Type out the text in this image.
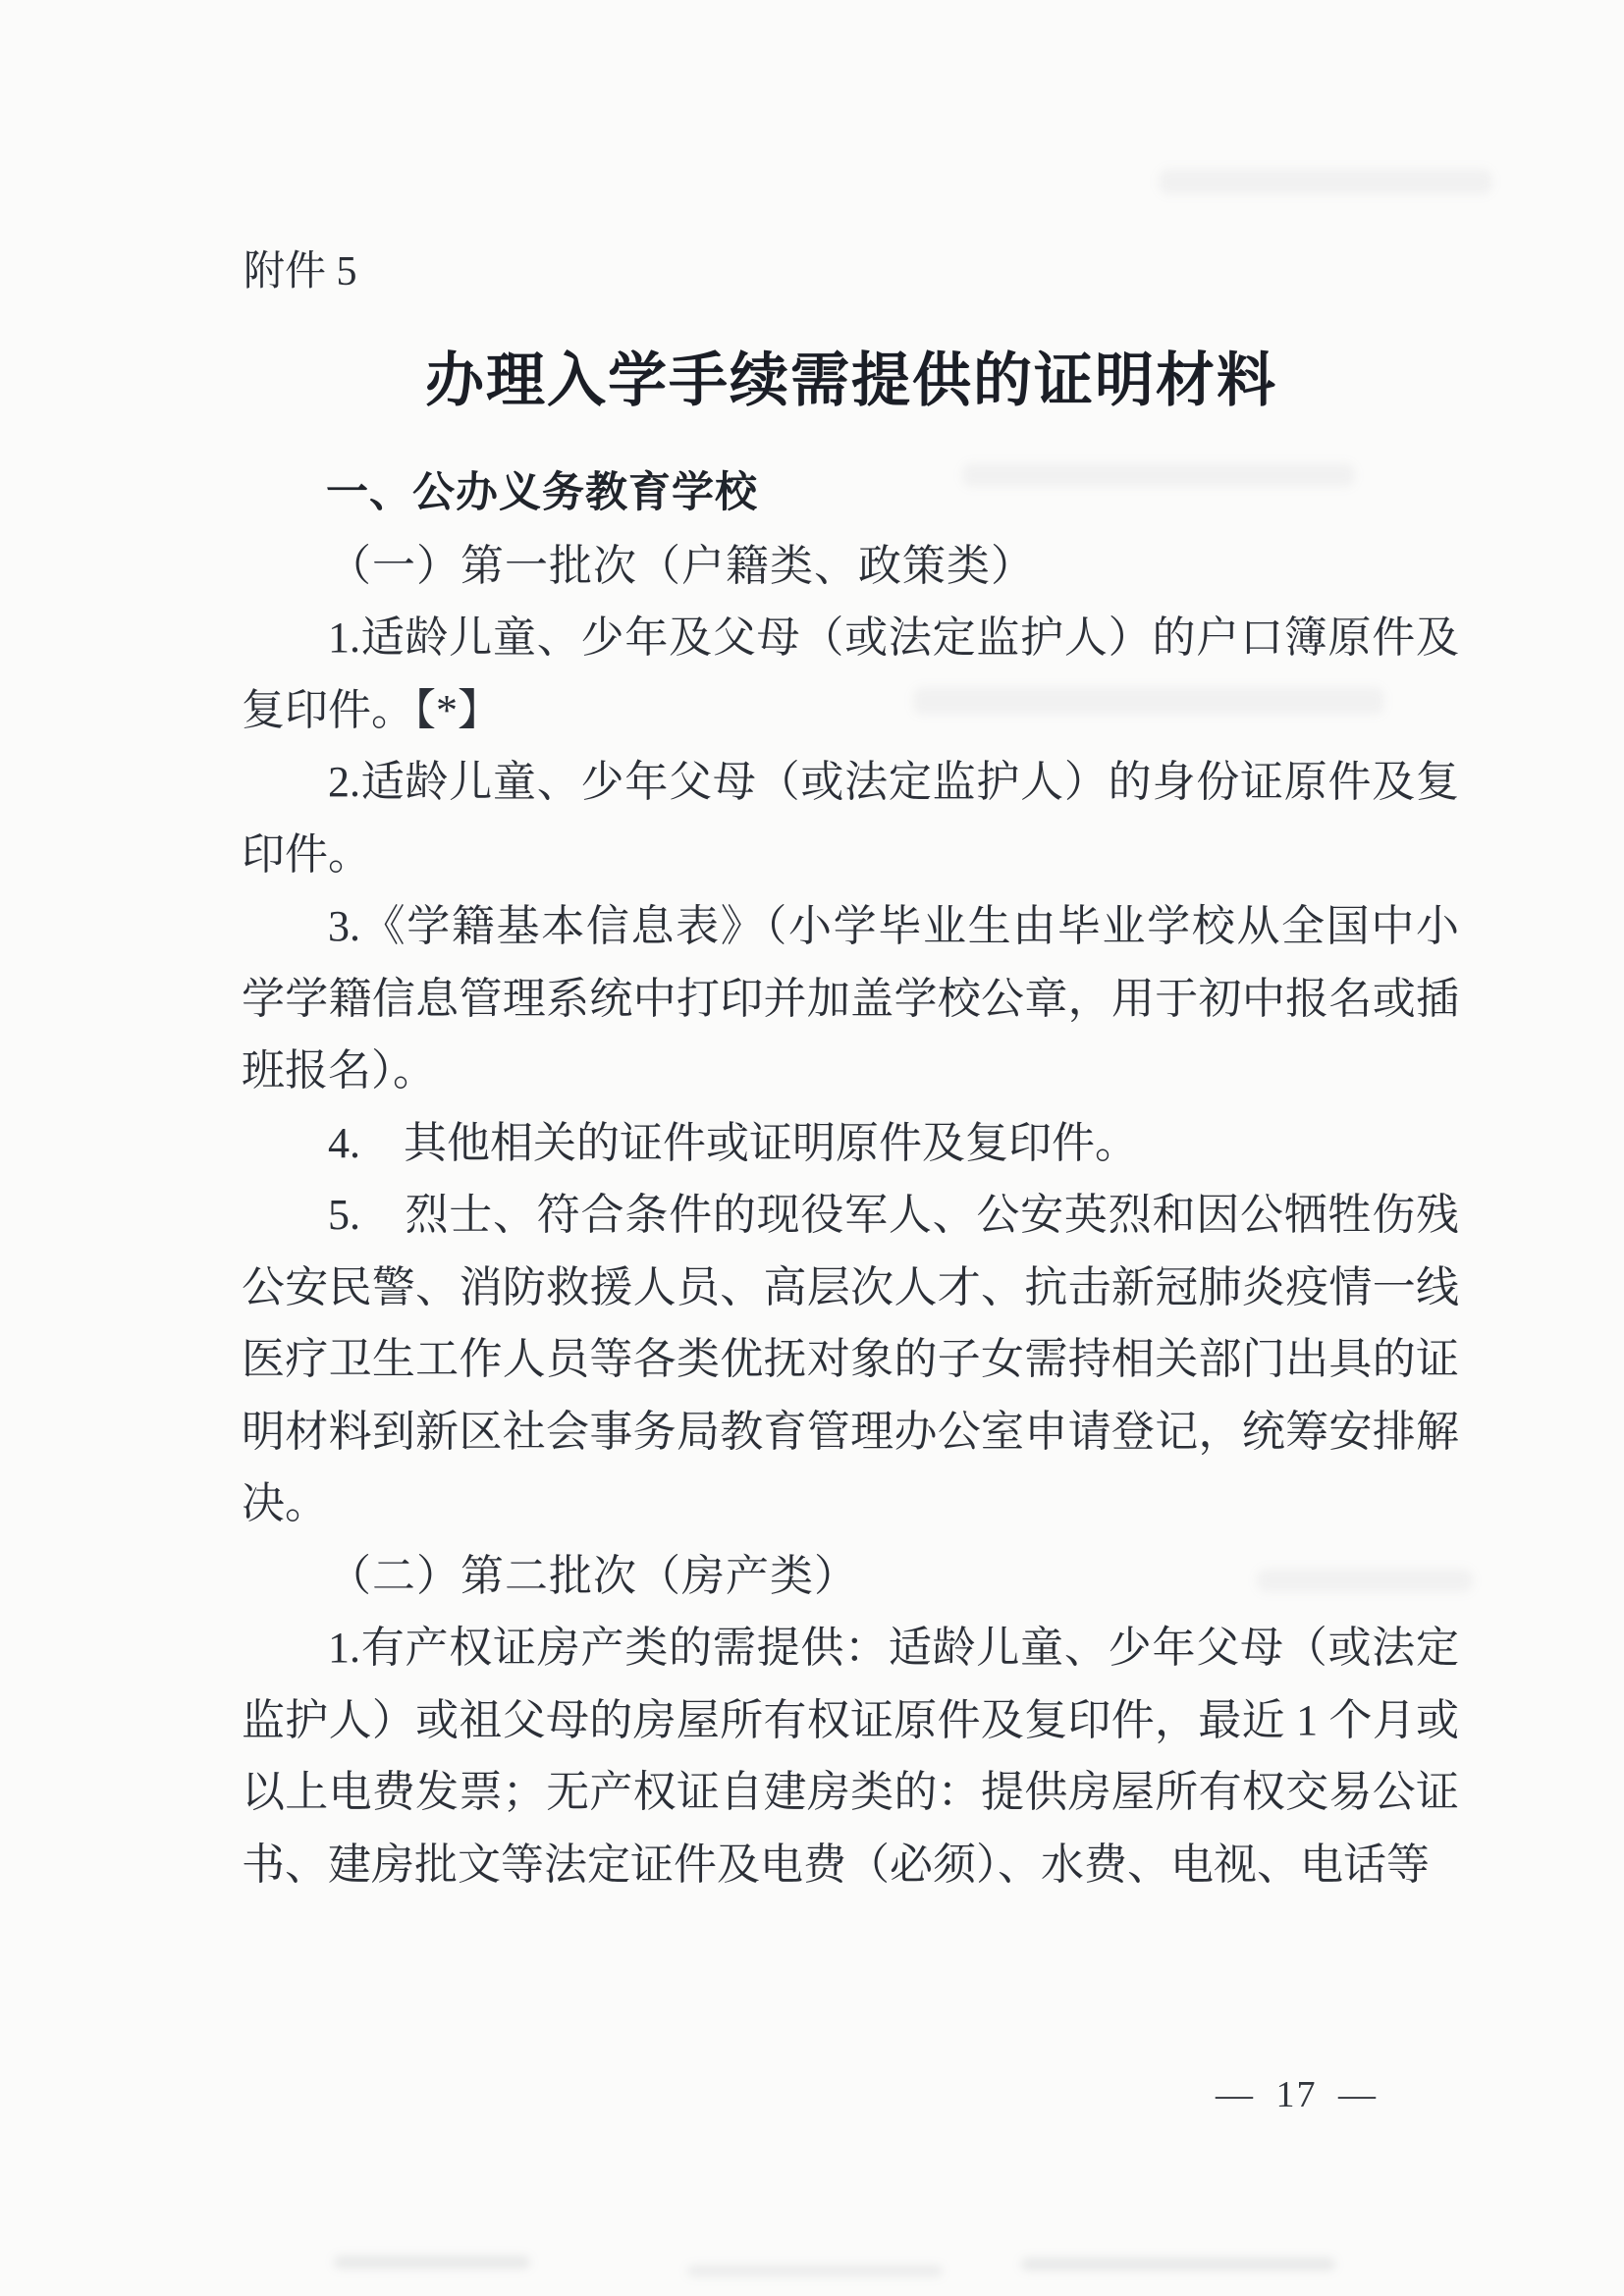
附件 5
办理入学手续需提供的证明材料
一、公办义务教育学校

（一）第一批次（户籍类、政策类）

1.适龄儿童、少年及父母（或法定监护人）的户口簿原件及复印件。【*】

2.适龄儿童、少年父母（或法定监护人）的身份证原件及复印件。

3.《学籍基本信息表》（小学毕业生由毕业学校从全国中小学学籍信息管理系统中打印并加盖学校公章，用于初中报名或插班报名）。

4.　其他相关的证件或证明原件及复印件。

5.　烈士、符合条件的现役军人、公安英烈和因公牺牲伤残公安民警、消防救援人员、高层次人才、抗击新冠肺炎疫情一线医疗卫生工作人员等各类优抚对象的子女需持相关部门出具的证明材料到新区社会事务局教育管理办公室申请登记，统筹安排解决。

（二）第二批次（房产类）

1.有产权证房产类的需提供：适龄儿童、少年父母（或法定监护人）或祖父母的房屋所有权证原件及复印件，最近 1 个月或以上电费发票；无产权证自建房类的：提供房屋所有权交易公证书、建房批文等法定证件及电费（必须）、水费、电视、电话等

— 17 —
